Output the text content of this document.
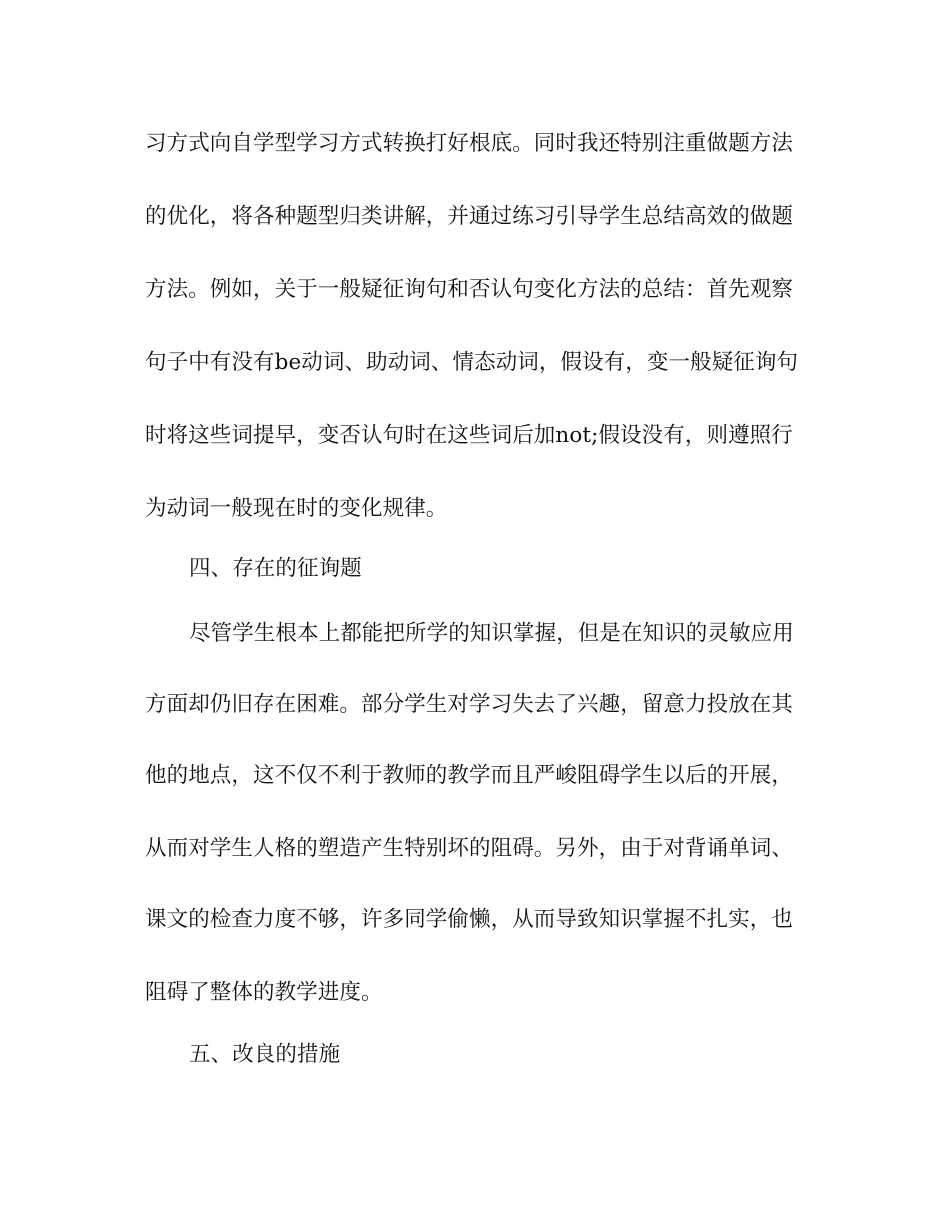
习方式向自学型学习方式转换打好根底。同时我还特别注重做题方法
的优化，将各种题型归类讲解，并通过练习引导学生总结高效的做题
方法。例如，关于一般疑征询句和否认句变化方法的总结：首先观察
句子中有没有be动词、助动词、情态动词，假设有，变一般疑征询句
时将这些词提早，变否认句时在这些词后加not;假设没有，则遵照行
为动词一般现在时的变化规律。
四、存在的征询题
尽管学生根本上都能把所学的知识掌握，但是在知识的灵敏应用
方面却仍旧存在困难。部分学生对学习失去了兴趣，留意力投放在其
他的地点，这不仅不利于教师的教学而且严峻阻碍学生以后的开展，
从而对学生人格的塑造产生特别坏的阻碍。另外，由于对背诵单词、
课文的检查力度不够，许多同学偷懒，从而导致知识掌握不扎实，也
阻碍了整体的教学进度。
五、改良的措施
